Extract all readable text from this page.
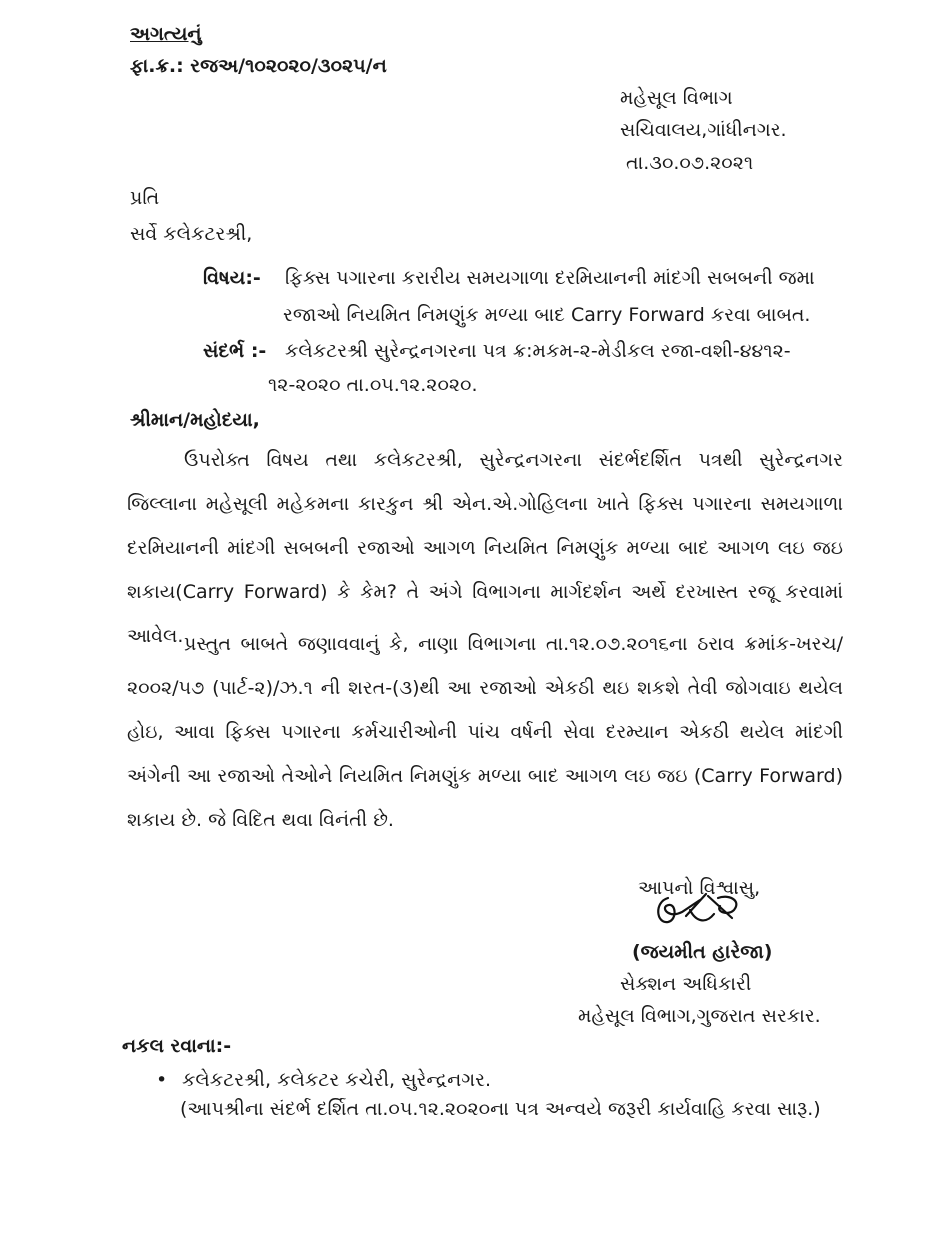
અગત્યનું
ફા.ક્ર.: રજઅ/૧૦૨૦૨૦/૩૦૨૫/ન
મહેસૂલ વિભાગ
સચિવાલય,ગાંધીનગર.
તા.૩૦.૦૭.૨૦૨૧
પ્રતિ
સર્વે કલેકટરશ્રી,
વિષય:- ફિક્સ પગારના કરારીય સમયગાળા દરમિયાનની માંદગી સબબની જમા
રજાઓ નિયમિત નિમણુંક મળ્યા બાદ Carry Forward કરવા બાબત.
સંદર્ભ :- કલેકટરશ્રી સુરેન્દ્રનગરના પત્ર ક્ર:મકમ-૨-મેડીકલ રજા-વશી-૪૪૧૨-
૧૨-૨૦૨૦ તા.૦૫.૧૨.૨૦૨૦.
શ્રીમાન/મહોદયા,
ઉપરોક્ત વિષય તથા કલેકટરશ્રી, સુરેન્દ્રનગરના સંદર્ભદર્શિત પત્રથી સુરેન્દ્રનગર જિલ્લાના મહેસૂલી મહેકમના કારકુન શ્રી એન.એ.ગોહિલના ખાતે ફિક્સ પગારના સમયગાળા દરમિયાનની માંદગી સબબની રજાઓ આગળ નિયમિત નિમણુંક મળ્યા બાદ આગળ લઇ જઇ શકાય(Carry Forward) કે કેમ? તે અંગે વિભાગના માર્ગદર્શન અર્થે દરખાસ્ત રજૂ કરવામાં આવેલ. પ્રસ્તુત બાબતે જણાવવાનું કે, નાણા વિભાગના તા.૧૨.૦૭.૨૦૧૬ના ઠરાવ ક્રમાંક-ખરચ/૨૦૦૨/૫૭ (પાર્ટ-૨)/ઝ.૧ ની શરત-(૩)થી આ રજાઓ એકઠી થઇ શકશે તેવી જોગવાઇ થયેલ હોઇ, આવા ફિક્સ પગારના કર્મચારીઓની પાંચ વર્ષની સેવા દરમ્યાન એકઠી થયેલ માંદગી અંગેની આ રજાઓ તેઓને નિયમિત નિમણુંક મળ્યા બાદ આગળ લઇ જઇ (Carry Forward) શકાય છે. જે વિદિત થવા વિનંતી છે.
આપનો વિશ્વાસુ,
(જયમીત હારેજા)
સેક્શન અધિકારી
મહેસૂલ વિભાગ,ગુજરાત સરકાર.
નકલ રવાના:-
• કલેકટરશ્રી, કલેકટર કચેરી, સુરેન્દ્રનગર.
(આપશ્રીના સંદર્ભ દર્શિત તા.૦૫.૧૨.૨૦૨૦ના પત્ર અન્વયે જરૂરી કાર્યવાહિ કરવા સારૂ.)
